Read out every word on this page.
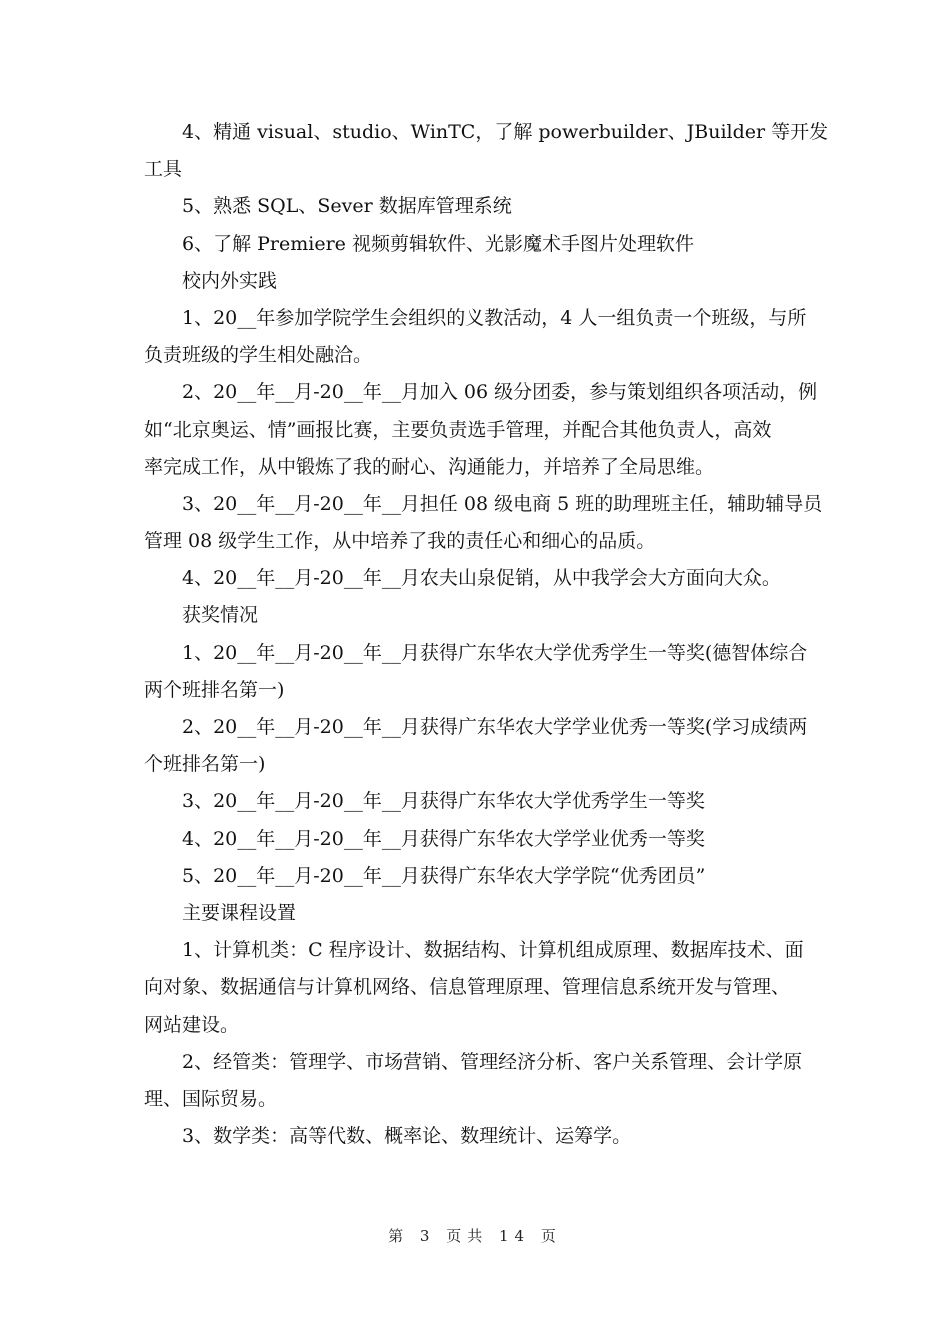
4、精通 visual、studio、WinTC，了解 powerbuilder、JBuilder 等开发
工具
5、熟悉 SQL、Sever 数据库管理系统
6、了解 Premiere 视频剪辑软件、光影魔术手图片处理软件
校内外实践
1、20__年参加学院学生会组织的义教活动，4 人一组负责一个班级，与所
负责班级的学生相处融洽。
2、20__年__月-20__年__月加入 06 级分团委，参与策划组织各项活动，例
如“北京奥运、情”画报比赛，主要负责选手管理，并配合其他负责人，高效
率完成工作，从中锻炼了我的耐心、沟通能力，并培养了全局思维。
3、20__年__月-20__年__月担任 08 级电商 5 班的助理班主任，辅助辅导员
管理 08 级学生工作，从中培养了我的责任心和细心的品质。
4、20__年__月-20__年__月农夫山泉促销，从中我学会大方面向大众。
获奖情况
1、20__年__月-20__年__月获得广东华农大学优秀学生一等奖(德智体综合
两个班排名第一)
2、20__年__月-20__年__月获得广东华农大学学业优秀一等奖(学习成绩两
个班排名第一)
3、20__年__月-20__年__月获得广东华农大学优秀学生一等奖
4、20__年__月-20__年__月获得广东华农大学学业优秀一等奖
5、20__年__月-20__年__月获得广东华农大学学院“优秀团员”
主要课程设置
1、计算机类：C 程序设计、数据结构、计算机组成原理、数据库技术、面
向对象、数据通信与计算机网络、信息管理原理、管理信息系统开发与管理、
网站建设。
2、经管类：管理学、市场营销、管理经济分析、客户关系管理、会计学原
理、国际贸易。
3、数学类：高等代数、概率论、数理统计、运筹学。
第 3 页共 14 页
